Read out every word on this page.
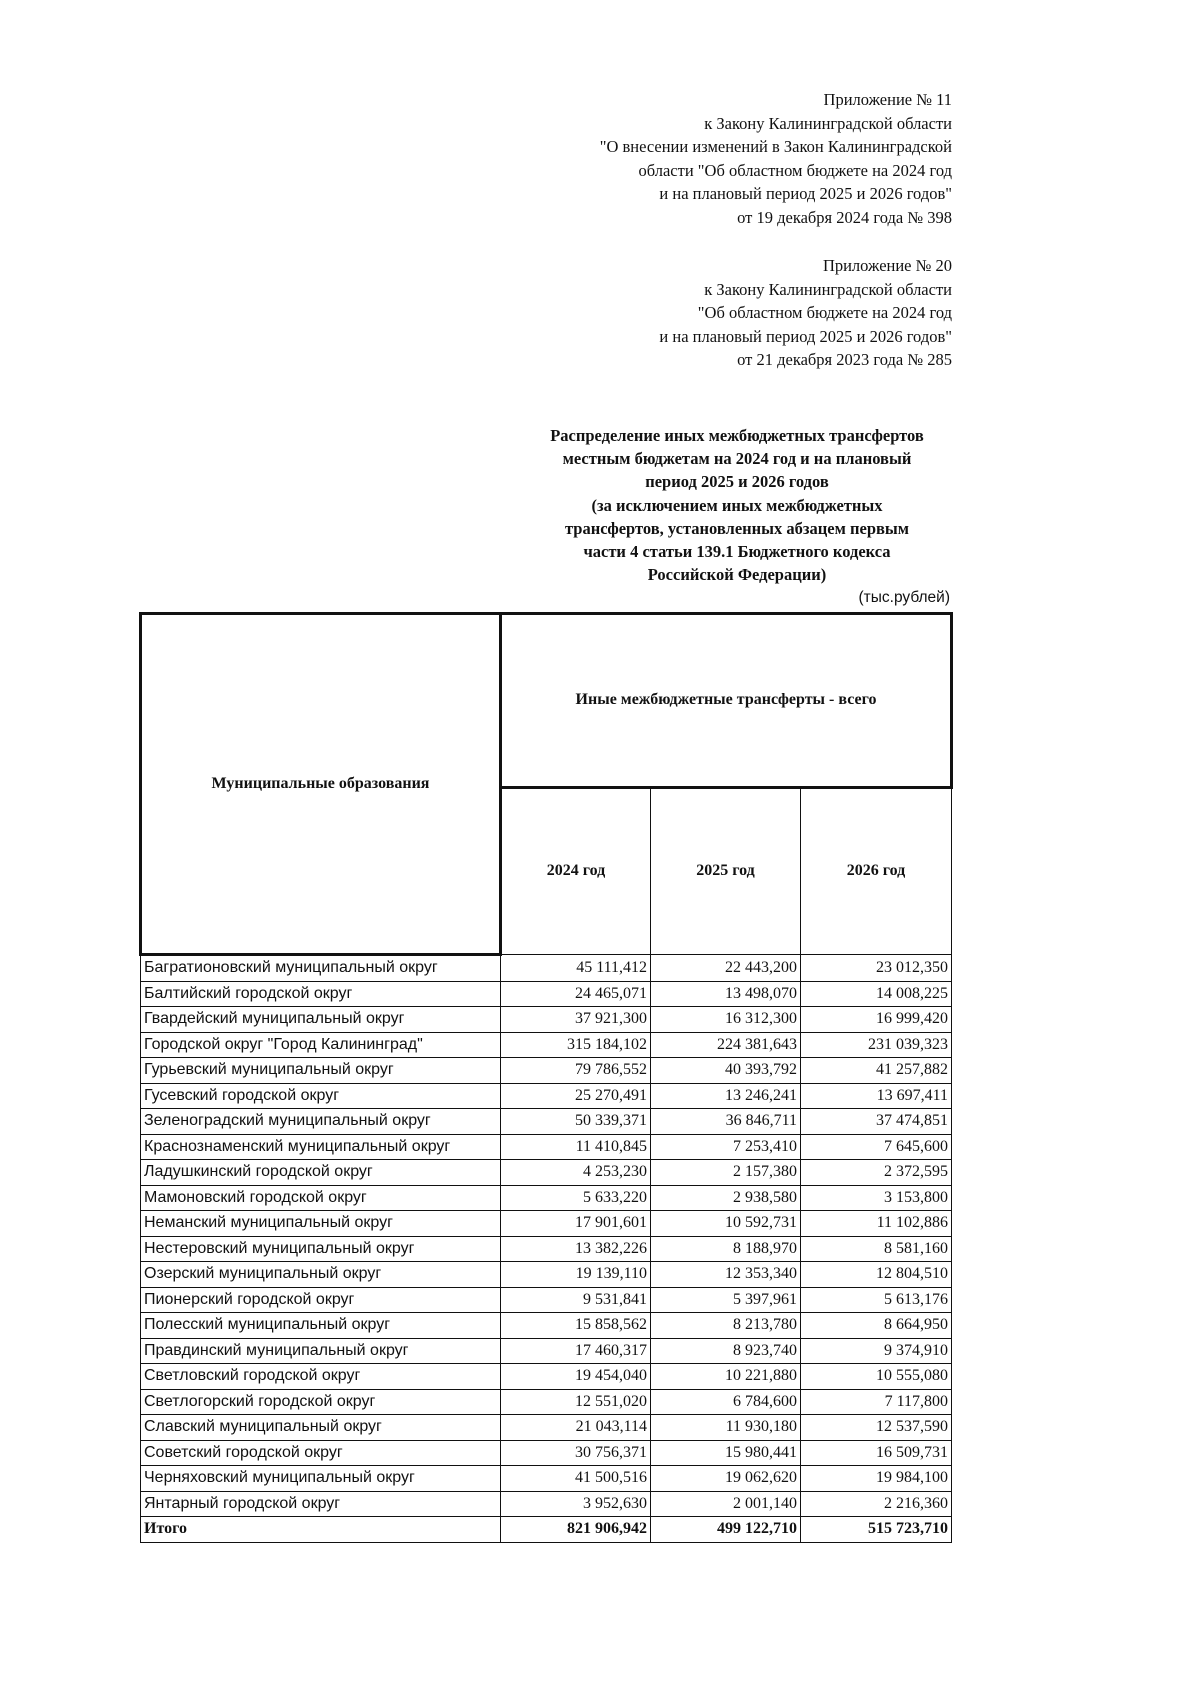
Приложение № 11
к Закону Калининградской области
"О внесении изменений в Закон Калининградской
области "Об областном бюджете на 2024 год
и на плановый период 2025 и 2026 годов"
от 19 декабря 2024 года № 398
Приложение № 20
к Закону Калининградской области
"Об областном бюджете на 2024 год
и на плановый период 2025 и 2026 годов"
от 21 декабря 2023 года № 285
Распределение иных межбюджетных трансфертов
местным бюджетам на 2024 год и на плановый
период 2025 и 2026 годов
(за исключением иных межбюджетных
трансфертов, установленных абзацем первым
части 4 статьи 139.1 Бюджетного кодекса
Российской Федерации)
(тыс.рублей)
Муниципальные образования	Иные межбюджетные трансферты - всего		
	2024 год	2025 год	2026 год
Багратионовский муниципальный округ	45 111,412	22 443,200	23 012,350
Балтийский городской округ	24 465,071	13 498,070	14 008,225
Гвардейский муниципальный округ	37 921,300	16 312,300	16 999,420
Городской округ "Город Калининград"	315 184,102	224 381,643	231 039,323
Гурьевский муниципальный округ	79 786,552	40 393,792	41 257,882
Гусевский городской округ	25 270,491	13 246,241	13 697,411
Зеленоградский муниципальный округ	50 339,371	36 846,711	37 474,851
Краснознаменский муниципальный округ	11 410,845	7 253,410	7 645,600
Ладушкинский городской округ	4 253,230	2 157,380	2 372,595
Мамоновский городской округ	5 633,220	2 938,580	3 153,800
Неманский муниципальный округ	17 901,601	10 592,731	11 102,886
Нестеровский муниципальный округ	13 382,226	8 188,970	8 581,160
Озерский муниципальный округ	19 139,110	12 353,340	12 804,510
Пионерский городской округ	9 531,841	5 397,961	5 613,176
Полесский муниципальный округ	15 858,562	8 213,780	8 664,950
Правдинский муниципальный округ	17 460,317	8 923,740	9 374,910
Светловский городской округ	19 454,040	10 221,880	10 555,080
Светлогорский городской округ	12 551,020	6 784,600	7 117,800
Славский муниципальный округ	21 043,114	11 930,180	12 537,590
Советский городской округ	30 756,371	15 980,441	16 509,731
Черняховский муниципальный округ	41 500,516	19 062,620	19 984,100
Янтарный городской округ	3 952,630	2 001,140	2 216,360
Итого	821 906,942	499 122,710	515 723,710
